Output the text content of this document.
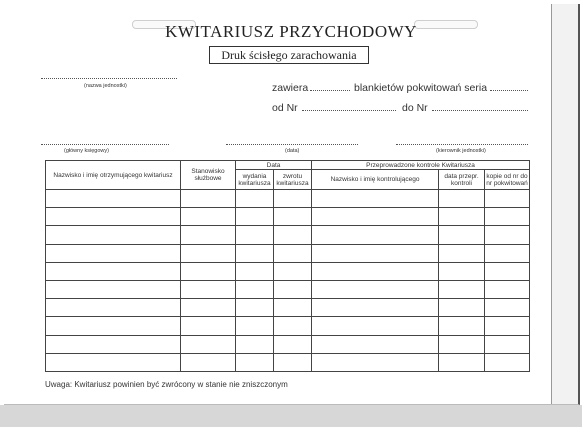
KWITARIUSZ PRZYCHODOWY
Druk ścisłego zarachowania
(nazwa jednostki)	zawiera	blankietów pokwitowań seria
od Nr	do Nr
(główny księgowy)	(data)	(kierownik jednostki)
Nazwisko i imię otrzymującego kwitariusz	Stanowisko służbowe	Data		Przeprowadzone kontrole Kwitariusza		
		wydania kwitariusza	zwrotu kwitariusza	Nazwisko i imię kontrolującego	data przepr. kontroli	kopie od nr do nr pokwitowań

Uwaga: Kwitariusz powinien być zwrócony w stanie nie zniszczonym
